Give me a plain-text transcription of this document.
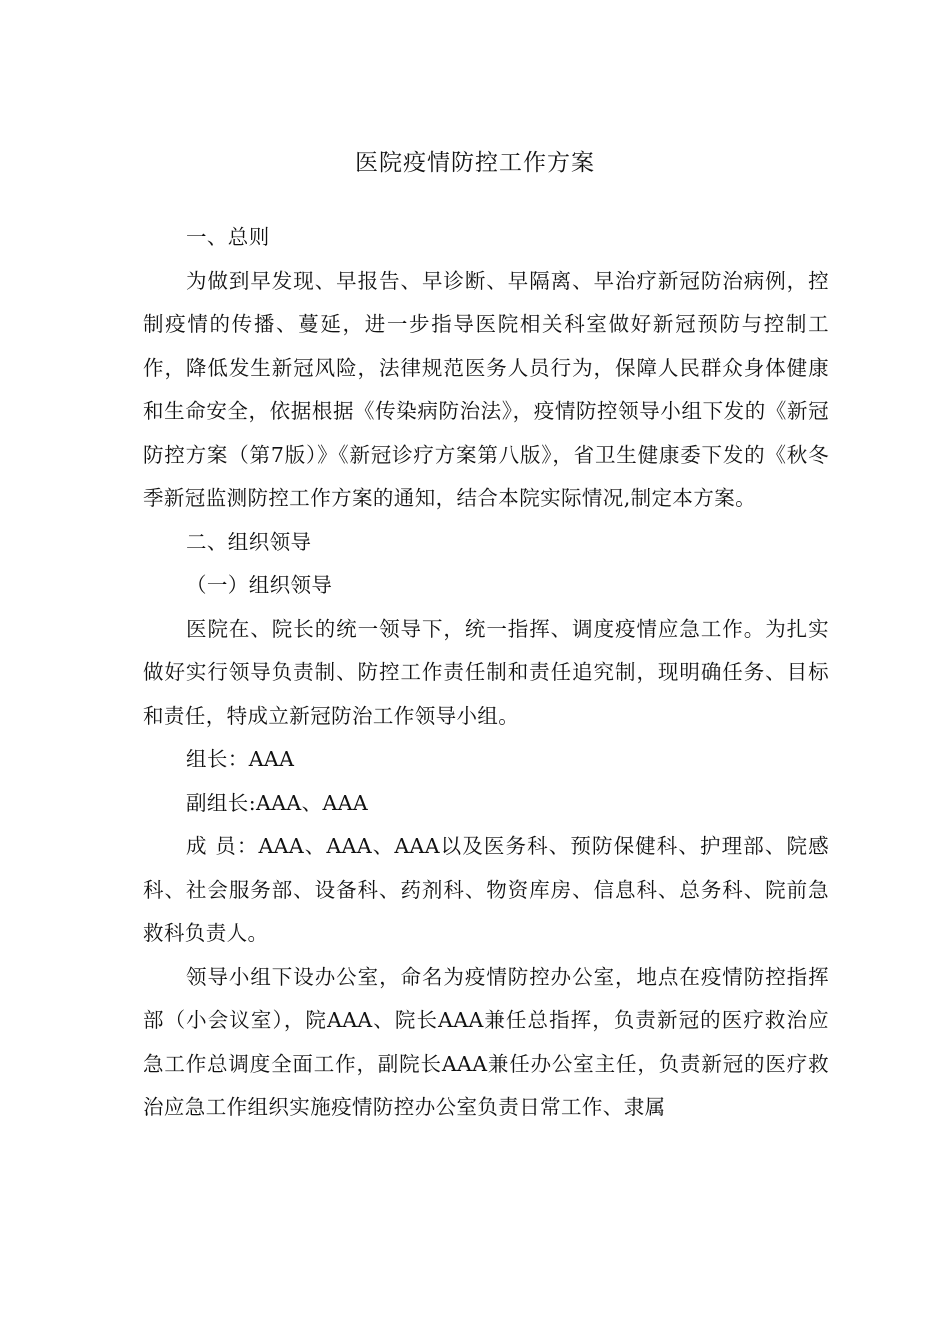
医院疫情防控工作方案

一、总则

为做到早发现、早报告、早诊断、早隔离、早治疗新冠防治病例，控制疫情的传播、蔓延，进一步指导医院相关科室做好新冠预防与控制工作，降低发生新冠风险，法律规范医务人员行为，保障人民群众身体健康和生命安全，依据根据《传染病防治法》，疫情防控领导小组下发的《新冠防控方案（第7版）》《新冠诊疗方案第八版》，省卫生健康委下发的《秋冬季新冠监测防控工作方案的通知，结合本院实际情况,制定本方案。

二、组织领导

（一）组织领导

医院在、院长的统一领导下，统一指挥、调度疫情应急工作。为扎实做好实行领导负责制、防控工作责任制和责任追究制，现明确任务、目标和责任，特成立新冠防治工作领导小组。

组长：AAA

副组长:AAA、AAA

成 员：AAA、AAA、AAA以及医务科、预防保健科、护理部、院感科、社会服务部、设备科、药剂科、物资库房、信息科、总务科、院前急救科负责人。

领导小组下设办公室，命名为疫情防控办公室，地点在疫情防控指挥部（小会议室），院AAA、院长AAA兼任总指挥，负责新冠的医疗救治应急工作总调度全面工作，副院长AAA兼任办公室主任，负责新冠的医疗救治应急工作组织实施疫情防控办公室负责日常工作、隶属
